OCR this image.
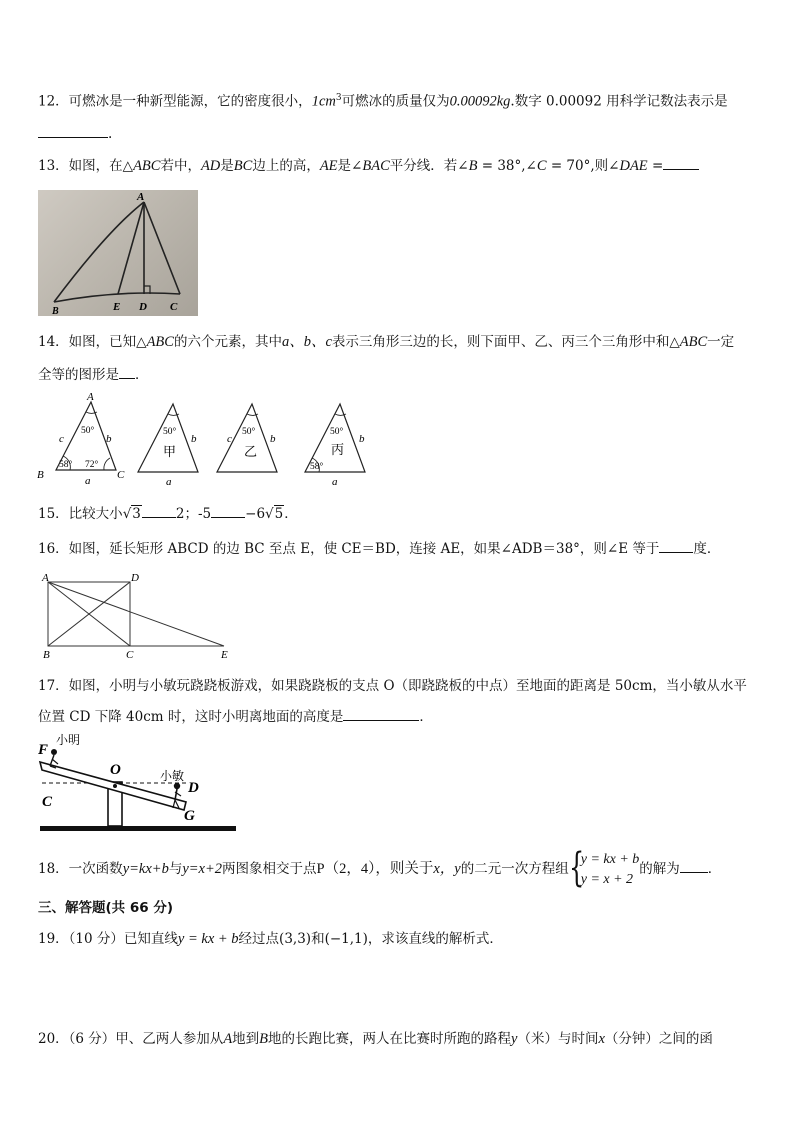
12．可燃冰是一种新型能源，它的密度很小，$1cm^3$可燃冰的质量仅为0.00092kg.数字 0.00092 用科学记数法表示是
.
13．如图，在△ABC若中，AD是BC边上的高，AE是∠BAC平分线．若∠B = 38°,∠C = 70°,则∠DAE =
A
B	E D C
14．如图，已知△ABC的六个元素，其中a、b、c表示三角形三边的长，则下面甲、乙、丙三个三角形中和△ABC一定
全等的图形是 ．
A
B	C
c	b
a
50°
58° 72°
50°
甲
b
a
50°
乙
c	b
50°
丙
58°
b
a
15．比较大小√3	2；-5	−6√5．
16．如图，延长矩形 ABCD 的边 BC 至点 E，使 CE＝BD，连接 AE，如果∠ADB＝38°，则∠E 等于	度．
A	D
B	C	E
17．如图，小明与小敏玩跷跷板游戏，如果跷跷板的支点 O（即跷跷板的中点）至地面的距离是 50cm，当小敏从水平
位置 CD 下降 40cm 时，这时小明离地面的高度是	．
F
小明
O	小敏
D
C
G
18．一次函数y=kx+b与y=x+2两图象相交于点P（2，4），则关于x，y的二元一次方程组 {
y = kx + b
y = x + 2
的解为 ．
三、解答题(共 66 分)
19．（10 分）已知直线y = kx + b经过点(3,3)和(−1,1)，求该直线的解析式．
20．（6 分）甲、乙两人参加从A地到B地的长跑比赛，两人在比赛时所跑的路程y（米）与时间x（分钟）之间的函
